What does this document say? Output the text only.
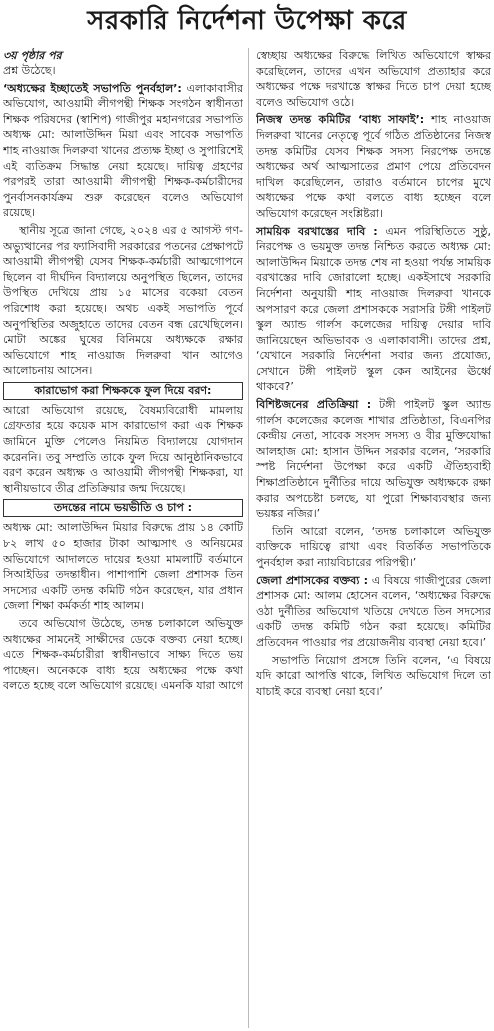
সরকারি নির্দেশনা উপেক্ষা করে
৩য় পৃষ্ঠার পর

প্রশ্ন উঠেছে।

‘অধ্যক্ষের ইচ্ছাতেই সভাপতি পুনর্বহাল’: এলাকাবাসীর অভিযোগ, আওয়ামী লীগপন্থী শিক্ষক সংগঠন স্বাধীনতা শিক্ষক পরিষদের (স্বাশিপ) গাজীপুর মহানগরের সভাপতি অধ্যক্ষ মো: আলাউদ্দিন মিয়া এবং সাবেক সভাপতি শাহ নাওয়াজ দিলরুবা খানের প্রত্যক্ষ ইচ্ছা ও সুপারিশেই এই ব্যতিক্রম সিদ্ধান্ত নেয়া হয়েছে। দায়িত্ব গ্রহণের পরপরই তারা আওয়ামী লীগপন্থী শিক্ষক-কর্মচারীদের পুনর্বাসনকার্যক্রম শুরু করেছেন বলেও অভিযোগ রয়েছে।

স্থানীয় সূত্রে জানা গেছে, ২০২৪ এর ৫ আগস্ট গণ-অভ্যুত্থানের পর ফ্যাসিবাদী সরকারের পতনের প্রেক্ষাপটে আওয়ামী লীগপন্থী যেসব শিক্ষক-কর্মচারী আত্মগোপনে ছিলেন বা দীর্ঘদিন বিদ্যালয়ে অনুপস্থিত ছিলেন, তাদের উপস্থিত দেখিয়ে প্রায় ১৫ মাসের বকেয়া বেতন পরিশোধ করা হয়েছে। অথচ একই সভাপতি পূর্বে অনুপস্থিতির অজুহাতে তাদের বেতন বন্ধ রেখেছিলেন। মোটা অঙ্কের ঘুষের বিনিময়ে অধ্যক্ষকে রক্ষার অভিযোগে শাহ নাওয়াজ দিলরুবা খান আগেও আলোচনায় আসেন।

কারাভোগ করা শিক্ষককে ফুল দিয়ে বরণ:

আরো অভিযোগ রয়েছে, বৈষম্যবিরোধী মামলায় গ্রেফতার হয়ে কয়েক মাস কারাভোগ করা এক শিক্ষক জামিনে মুক্তি পেলেও নিয়মিত বিদ্যালয়ে যোগদান করেননি। তবু সম্প্রতি তাকে ফুল দিয়ে আনুষ্ঠানিকভাবে বরণ করেন অধ্যক্ষ ও আওয়ামী লীগপন্থী শিক্ষকরা, যা স্থানীয়ভাবে তীব্র প্রতিক্রিয়ার জন্ম দিয়েছে।

তদন্তের নামে ভয়ভীতি ও চাপ :

অধ্যক্ষ মো: আলাউদ্দিন মিয়ার বিরুদ্ধে প্রায় ১৪ কোটি ৮২ লাখ ৫০ হাজার টাকা আত্মসাৎ ও অনিয়মের অভিযোগে আদালতে দায়ের হওয়া মামলাটি বর্তমানে সিআইডির তদন্তাধীন। পাশাপাশি জেলা প্রশাসক তিন সদস্যের একটি তদন্ত কমিটি গঠন করেছেন, যার প্রধান জেলা শিক্ষা কর্মকর্তা শাহ আলম।

তবে অভিযোগ উঠেছে, তদন্ত চলাকালে অভিযুক্ত অধ্যক্ষের সামনেই সাক্ষীদের ডেকে বক্তব্য নেয়া হচ্ছে। এতে শিক্ষক-কর্মচারীরা স্বাধীনভাবে সাক্ষ্য দিতে ভয় পাচ্ছেন। অনেককে বাধ্য হয়ে অধ্যক্ষের পক্ষে কথা বলতে হচ্ছে বলে অভিযোগ রয়েছে। এমনকি যারা আগে

স্বেচ্ছায় অধ্যক্ষের বিরুদ্ধে লিখিত অভিযোগে স্বাক্ষর করেছিলেন, তাদের এখন অভিযোগ প্রত্যাহার করে অধ্যক্ষের পক্ষে দরখাস্তে স্বাক্ষর দিতে চাপ দেয়া হচ্ছে বলেও অভিযোগ ওঠে।

নিজস্ব তদন্ত কমিটির ‘বাধ্য সাফাই’: শাহ নাওয়াজ দিলরুবা খানের নেতৃত্বে পূর্বে গঠিত প্রতিষ্ঠানের নিজস্ব তদন্ত কমিটির যেসব শিক্ষক সদস্য নিরপেক্ষ তদন্তে অধ্যক্ষের অর্থ আত্মসাতের প্রমাণ পেয়ে প্রতিবেদন দাখিল করেছিলেন, তারাও বর্তমানে চাপের মুখে অধ্যক্ষের পক্ষে কথা বলতে বাধ্য হচ্ছেন বলে অভিযোগ করেছেন সংশ্লিষ্টরা।

সাময়িক বরখাস্তের দাবি : এমন পরিস্থিতিতে সুষ্ঠু, নিরপেক্ষ ও ভয়মুক্ত তদন্ত নিশ্চিত করতে অধ্যক্ষ মো: আলাউদ্দিন মিয়াকে তদন্ত শেষ না হওয়া পর্যন্ত সাময়িক বরখাস্তের দাবি জোরালো হচ্ছে। একইসাথে সরকারি নির্দেশনা অনুযায়ী শাহ নাওয়াজ দিলরুবা খানকে অপসারণ করে জেলা প্রশাসককে সরাসরি টঙ্গী পাইলট স্কুল অ্যান্ড গার্লস কলেজের দায়িত্ব দেয়ার দাবি জানিয়েছেন অভিভাবক ও এলাকাবাসী। তাদের প্রশ্ন, ‘যেখানে সরকারি নির্দেশনা সবার জন্য প্রযোজ্য, সেখানে টঙ্গী পাইলট স্কুল কেন আইনের ঊর্ধ্বে থাকবে?’

বিশিষ্টজনের প্রতিক্রিয়া : টঙ্গী পাইলট স্কুল অ্যান্ড গার্লস কলেজের কলেজ শাখার প্রতিষ্ঠাতা, বিএনপির কেন্দ্রীয় নেতা, সাবেক সংসদ সদস্য ও বীর মুক্তিযোদ্ধা আলহাজ মো: হাসান উদ্দিন সরকার বলেন, ‘সরকারি স্পষ্ট নির্দেশনা উপেক্ষা করে একটি ঐতিহ্যবাহী শিক্ষাপ্রতিষ্ঠানে দুর্নীতির দায়ে অভিযুক্ত অধ্যক্ষকে রক্ষা করার অপচেষ্টা চলছে, যা পুরো শিক্ষাব্যবস্থার জন্য ভয়ঙ্কর নজির।’

তিনি আরো বলেন, ‘তদন্ত চলাকালে অভিযুক্ত ব্যক্তিকে দায়িত্বে রাখা এবং বিতর্কিত সভাপতিকে পুনর্বহাল করা ন্যায়বিচারের পরিপন্থী।’

জেলা প্রশাসকের বক্তব্য : এ বিষয়ে গাজীপুরের জেলা প্রশাসক মো: আলম হোসেন বলেন, ‘অধ্যক্ষের বিরুদ্ধে ওঠা দুর্নীতির অভিযোগ খতিয়ে দেখতে তিন সদস্যের একটি তদন্ত কমিটি গঠন করা হয়েছে। কমিটির প্রতিবেদন পাওয়ার পর প্রয়োজনীয় ব্যবস্থা নেয়া হবে।’

সভাপতি নিয়োগ প্রসঙ্গে তিনি বলেন, ‘এ বিষয়ে যদি কারো আপত্তি থাকে, লিখিত অভিযোগ দিলে তা যাচাই করে ব্যবস্থা নেয়া হবে।’
